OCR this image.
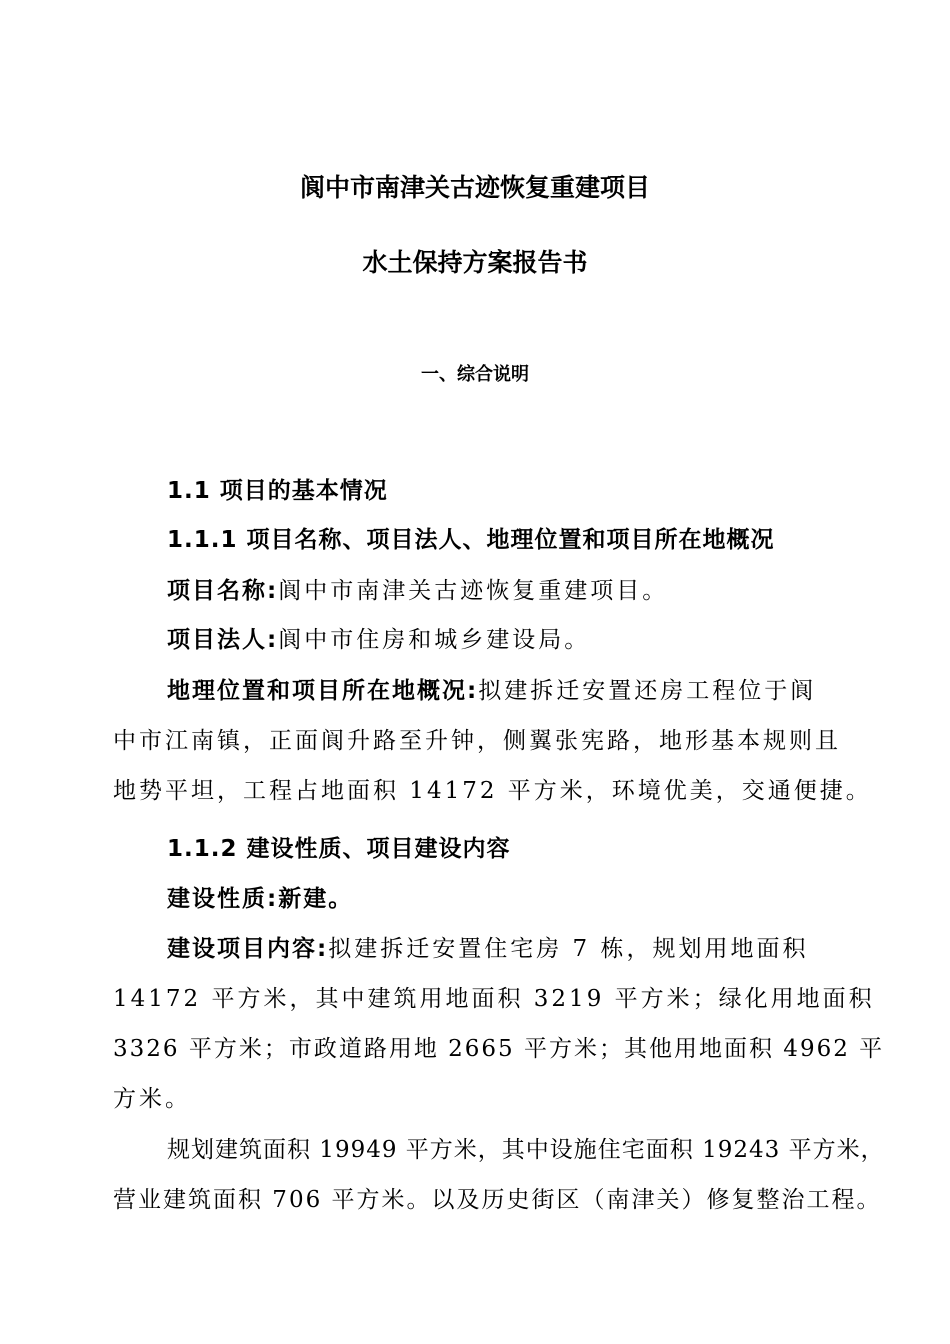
阆中市南津关古迹恢复重建项目
水土保持方案报告书
一、综合说明
1.1 项目的基本情况
1.1.1 项目名称、项目法人、地理位置和项目所在地概况
项目名称:阆中市南津关古迹恢复重建项目。
项目法人:阆中市住房和城乡建设局。
地理位置和项目所在地概况:拟建拆迁安置还房工程位于阆
中市江南镇，正面阆升路至升钟，侧翼张宪路，地形基本规则且
地势平坦，工程占地面积 14172 平方米，环境优美，交通便捷。
1.1.2 建设性质、项目建设内容
建设性质:新建。
建设项目内容:拟建拆迁安置住宅房 7 栋，规划用地面积
14172 平方米，其中建筑用地面积 3219 平方米；绿化用地面积
3326 平方米；市政道路用地 2665 平方米；其他用地面积 4962 平
方米。
规划建筑面积 19949 平方米，其中设施住宅面积 19243 平方米，
营业建筑面积 706 平方米。以及历史街区（南津关）修复整治工程。
